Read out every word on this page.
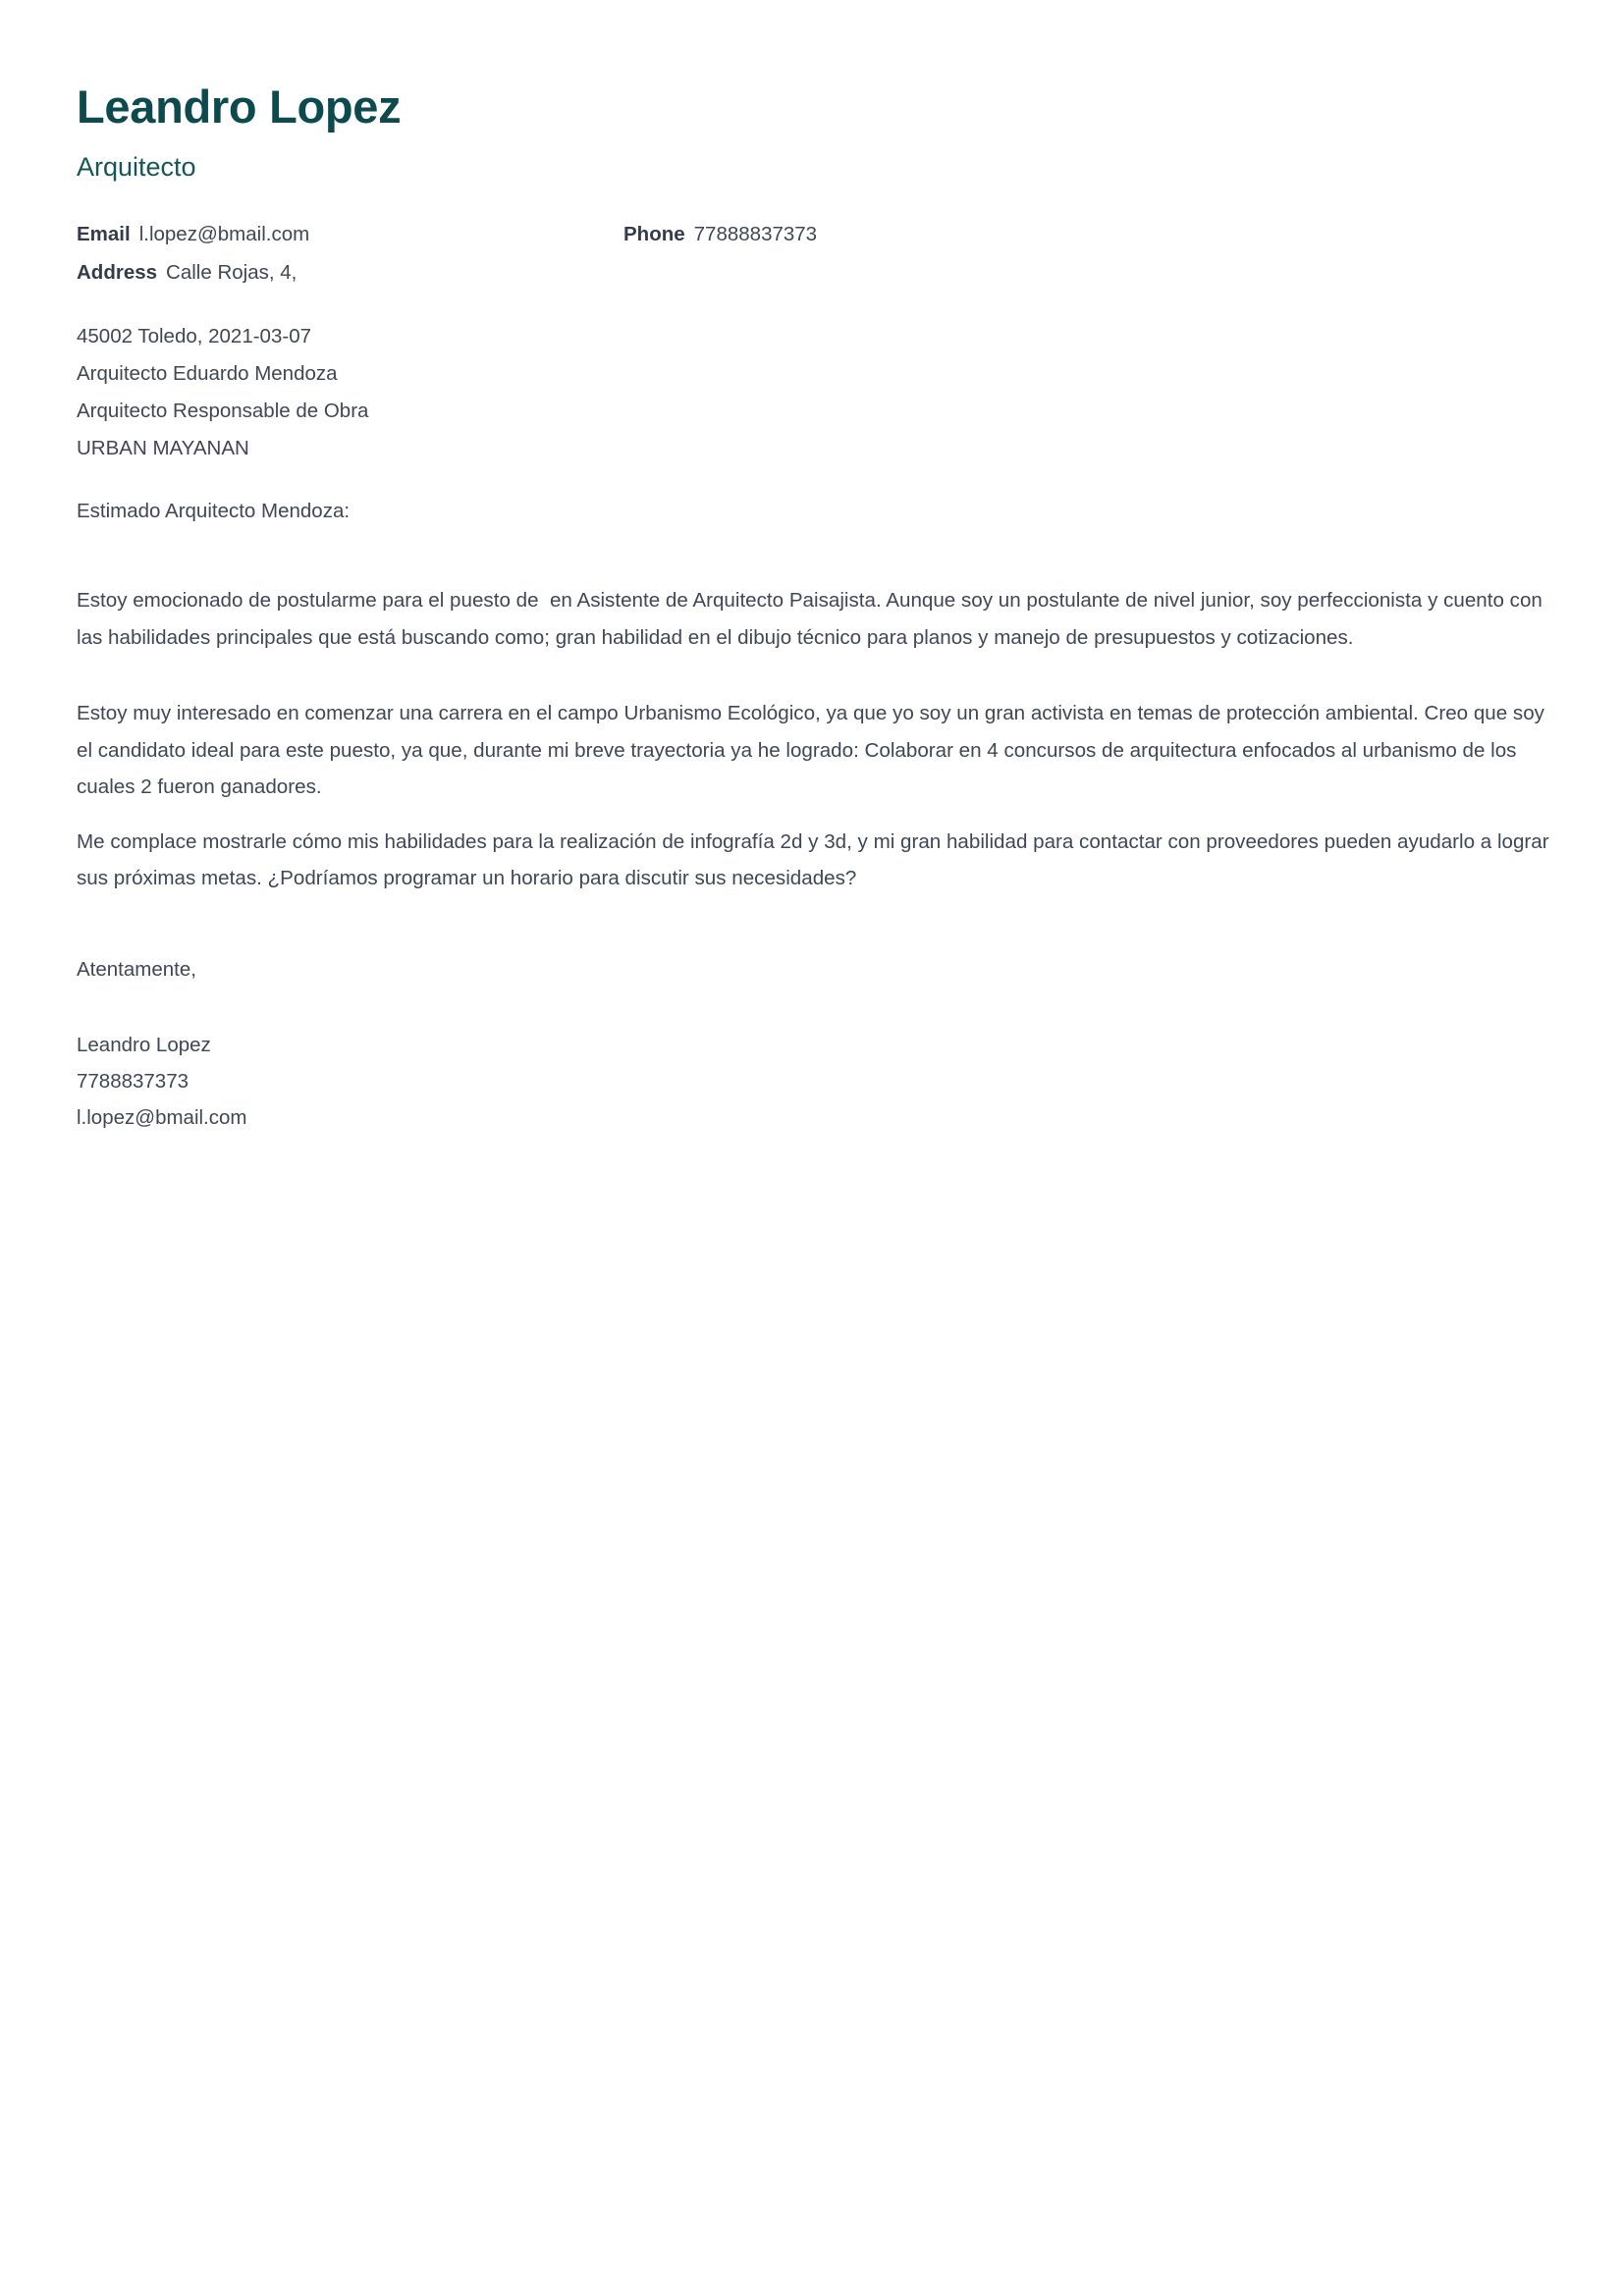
Leandro Lopez
Arquitecto
Email l.lopez@bmail.com	Phone 77888837373
Address Calle Rojas, 4,
45002 Toledo, 2021-03-07
Arquitecto Eduardo Mendoza
Arquitecto Responsable de Obra
URBAN MAYANAN
Estimado Arquitecto Mendoza:

Estoy emocionado de postularme para el puesto de  en Asistente de Arquitecto Paisajista. Aunque soy un postulante de nivel junior, soy perfeccionista y cuento con las habilidades principales que está buscando como; gran habilidad en el dibujo técnico para planos y manejo de presupuestos y cotizaciones.

Estoy muy interesado en comenzar una carrera en el campo Urbanismo Ecológico, ya que yo soy un gran activista en temas de protección ambiental. Creo que soy el candidato ideal para este puesto, ya que, durante mi breve trayectoria ya he logrado: Colaborar en 4 concursos de arquitectura enfocados al urbanismo de los cuales 2 fueron ganadores.

Me complace mostrarle cómo mis habilidades para la realización de infografía 2d y 3d, y mi gran habilidad para contactar con proveedores pueden ayudarlo a lograr sus próximas metas. ¿Podríamos programar un horario para discutir sus necesidades?

Atentamente,
Leandro Lopez
7788837373
l.lopez@bmail.com
